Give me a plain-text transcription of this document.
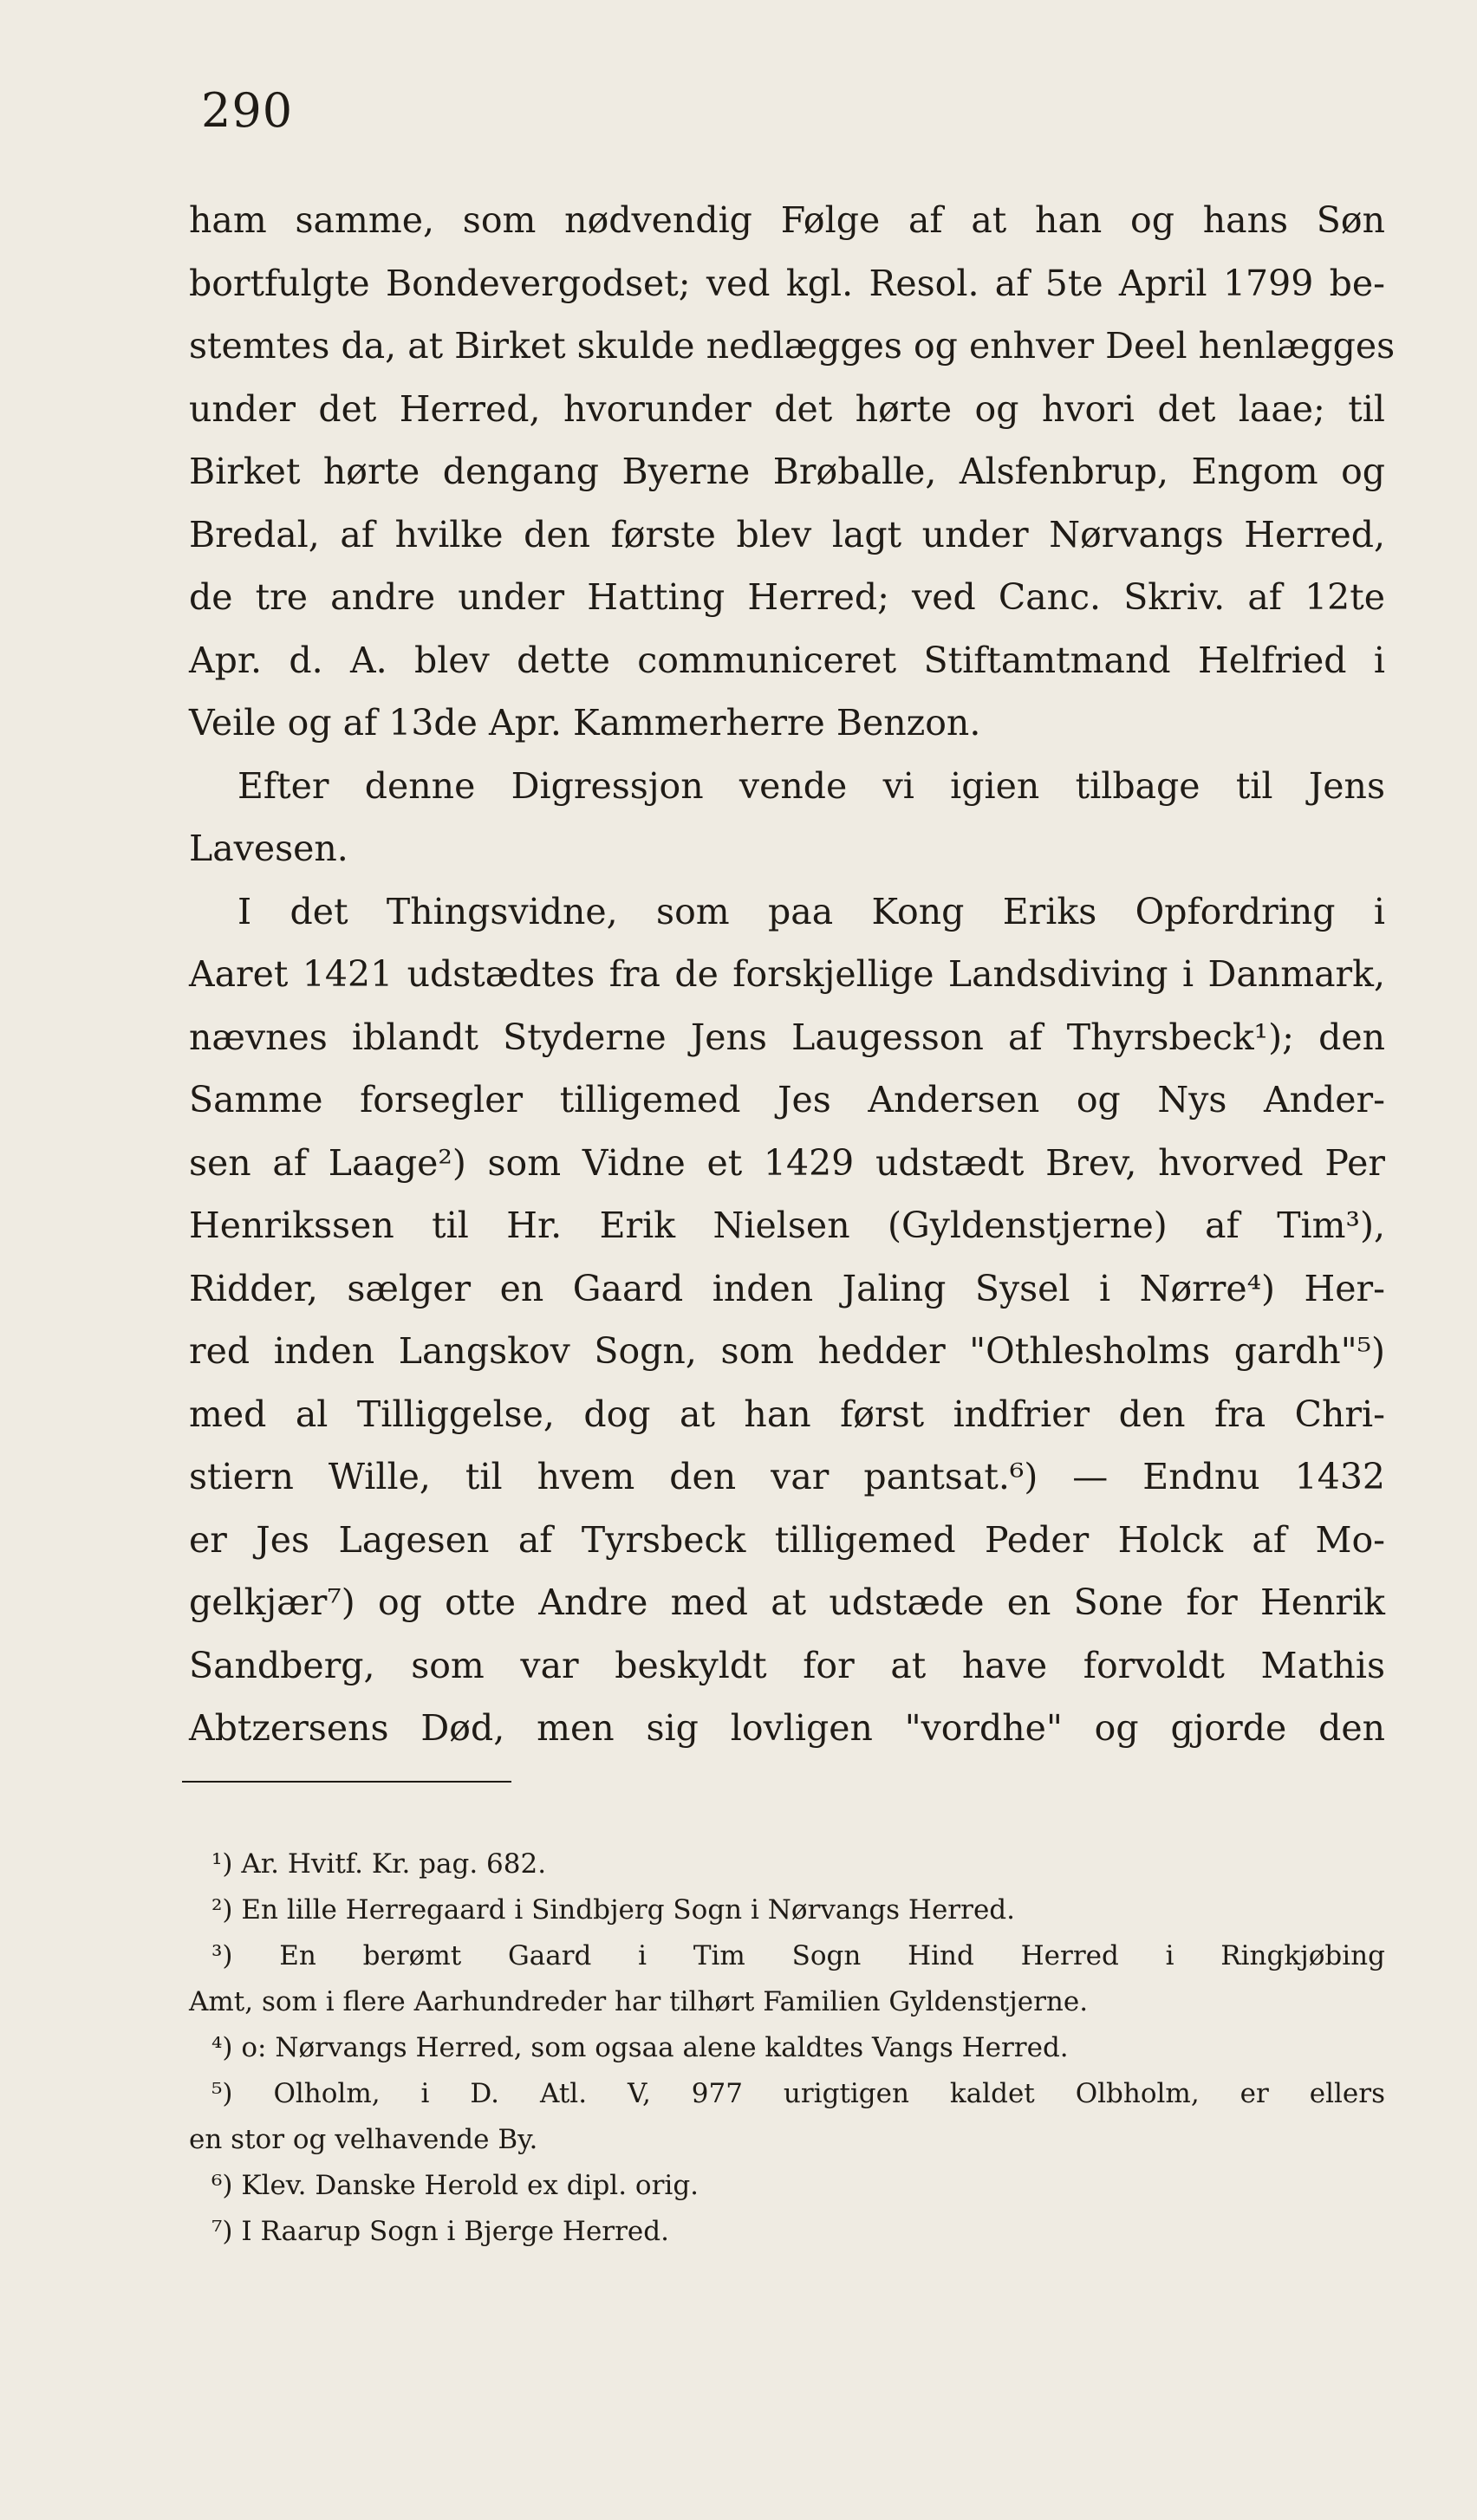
290
ham samme, som nødvendig Følge af at han og hans Søn
bortfulgte Bondevergodset; ved kgl. Resol. af 5te April 1799 be-
stemtes da, at Birket skulde nedlægges og enhver Deel henlægges
under det Herred, hvorunder det hørte og hvori det laae; til
Birket hørte dengang Byerne Brøballe, Alsfenbrup, Engom og
Bredal, af hvilke den første blev lagt under Nørvangs Herred,
de tre andre under Hatting Herred; ved Canc. Skriv. af 12te
Apr. d. A. blev dette communiceret Stiftamtmand Helfried i
Veile og af 13de Apr. Kammerherre Benzon.
Efter denne Digressjon vende vi igien tilbage til Jens
Lavesen.
I det Thingsvidne, som paa Kong Eriks Opfordring i
Aaret 1421 udstædtes fra de forskjellige Landsdiving i Danmark,
nævnes iblandt Styderne Jens Laugesson af Thyrsbeck¹); den
Samme forsegler tilligemed Jes Andersen og Nys Ander-
sen af Laage²) som Vidne et 1429 udstædt Brev, hvorved Per
Henrikssen til Hr. Erik Nielsen (Gyldenstjerne) af Tim³),
Ridder, sælger en Gaard inden Jaling Sysel i Nørre⁴) Her-
red inden Langskov Sogn, som hedder "Othlesholms gardh"⁵)
med al Tilliggelse, dog at han først indfrier den fra Chri-
stiern Wille, til hvem den var pantsat.⁶) — Endnu 1432
er Jes Lagesen af Tyrsbeck tilligemed Peder Holck af Mo-
gelkjær⁷) og otte Andre med at udstæde en Sone for Henrik
Sandberg, som var beskyldt for at have forvoldt Mathis
Abtzersens Død, men sig lovligen "vordhe" og gjorde den
¹) Ar. Hvitf. Kr. pag. 682.
²) En lille Herregaard i Sindbjerg Sogn i Nørvangs Herred.
³) En berømt Gaard i Tim Sogn Hind Herred i Ringkjøbing
Amt, som i flere Aarhundreder har tilhørt Familien Gyldenstjerne.
⁴) o: Nørvangs Herred, som ogsaa alene kaldtes Vangs Herred.
⁵) Olholm, i D. Atl. V, 977 urigtigen kaldet Olbholm, er ellers
en stor og velhavende By.
⁶) Klev. Danske Herold ex dipl. orig.
⁷) I Raarup Sogn i Bjerge Herred.
